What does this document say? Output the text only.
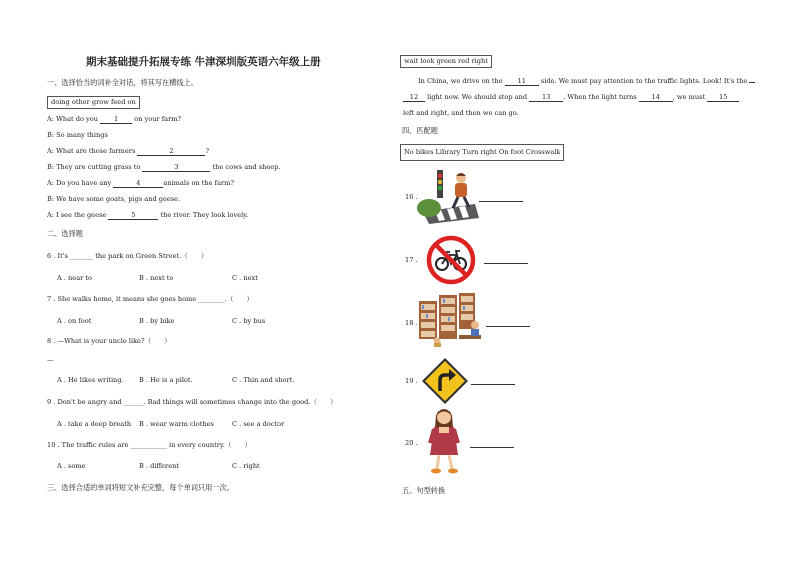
期末基础提升拓展专练 牛津深圳版英语六年级上册
一、选择恰当的词补全对话，将其写在横线上。
doing other grow feed on
A: What do you 1 on your farm?
B: So many things
A: What are those farmers	2	?
B: They are cutting grass to	3	the cows and sheep.
A: Do you have any	4	animals on the farm?
B: We have some goats, pigs and geese.
A: I see the geese	5	the river. They look lovely.
二、选择题
6 . It's _______ the park on Green Street.（　　）
A . near to	B . next to	C . next
7 . She walks home, it means she goes home ________.（　　）
A . on foot	B . by bike	C . by bus
8 . —What is your uncle like?（　　）
—
A . He likes writing. B . He is a pilot.	C . Thin and short.
9 . Don't be angry and ______. Bad things will sometimes change into the good.（　　）
A . take a deep breath B . wear warm clothes	C . see a doctor
10 . The traffic rules are ___________ in every country.（　　）
A . some	B . different	C . right
三、选择合适的单词将短文补充完整，每个单词只用一次。
wait look green red right
In China, we drive on the 11 side. We must pay attention to the traffic lights. Look! It's the
12 light now. We should stop and 13 . When the light turns 14 , we must 15
left and right, and then we can go.
四、匹配题
No bikes Library Turn right On foot Crosswalk
16 .
17 .
18 .
19 .
20 .
五、句型转换
